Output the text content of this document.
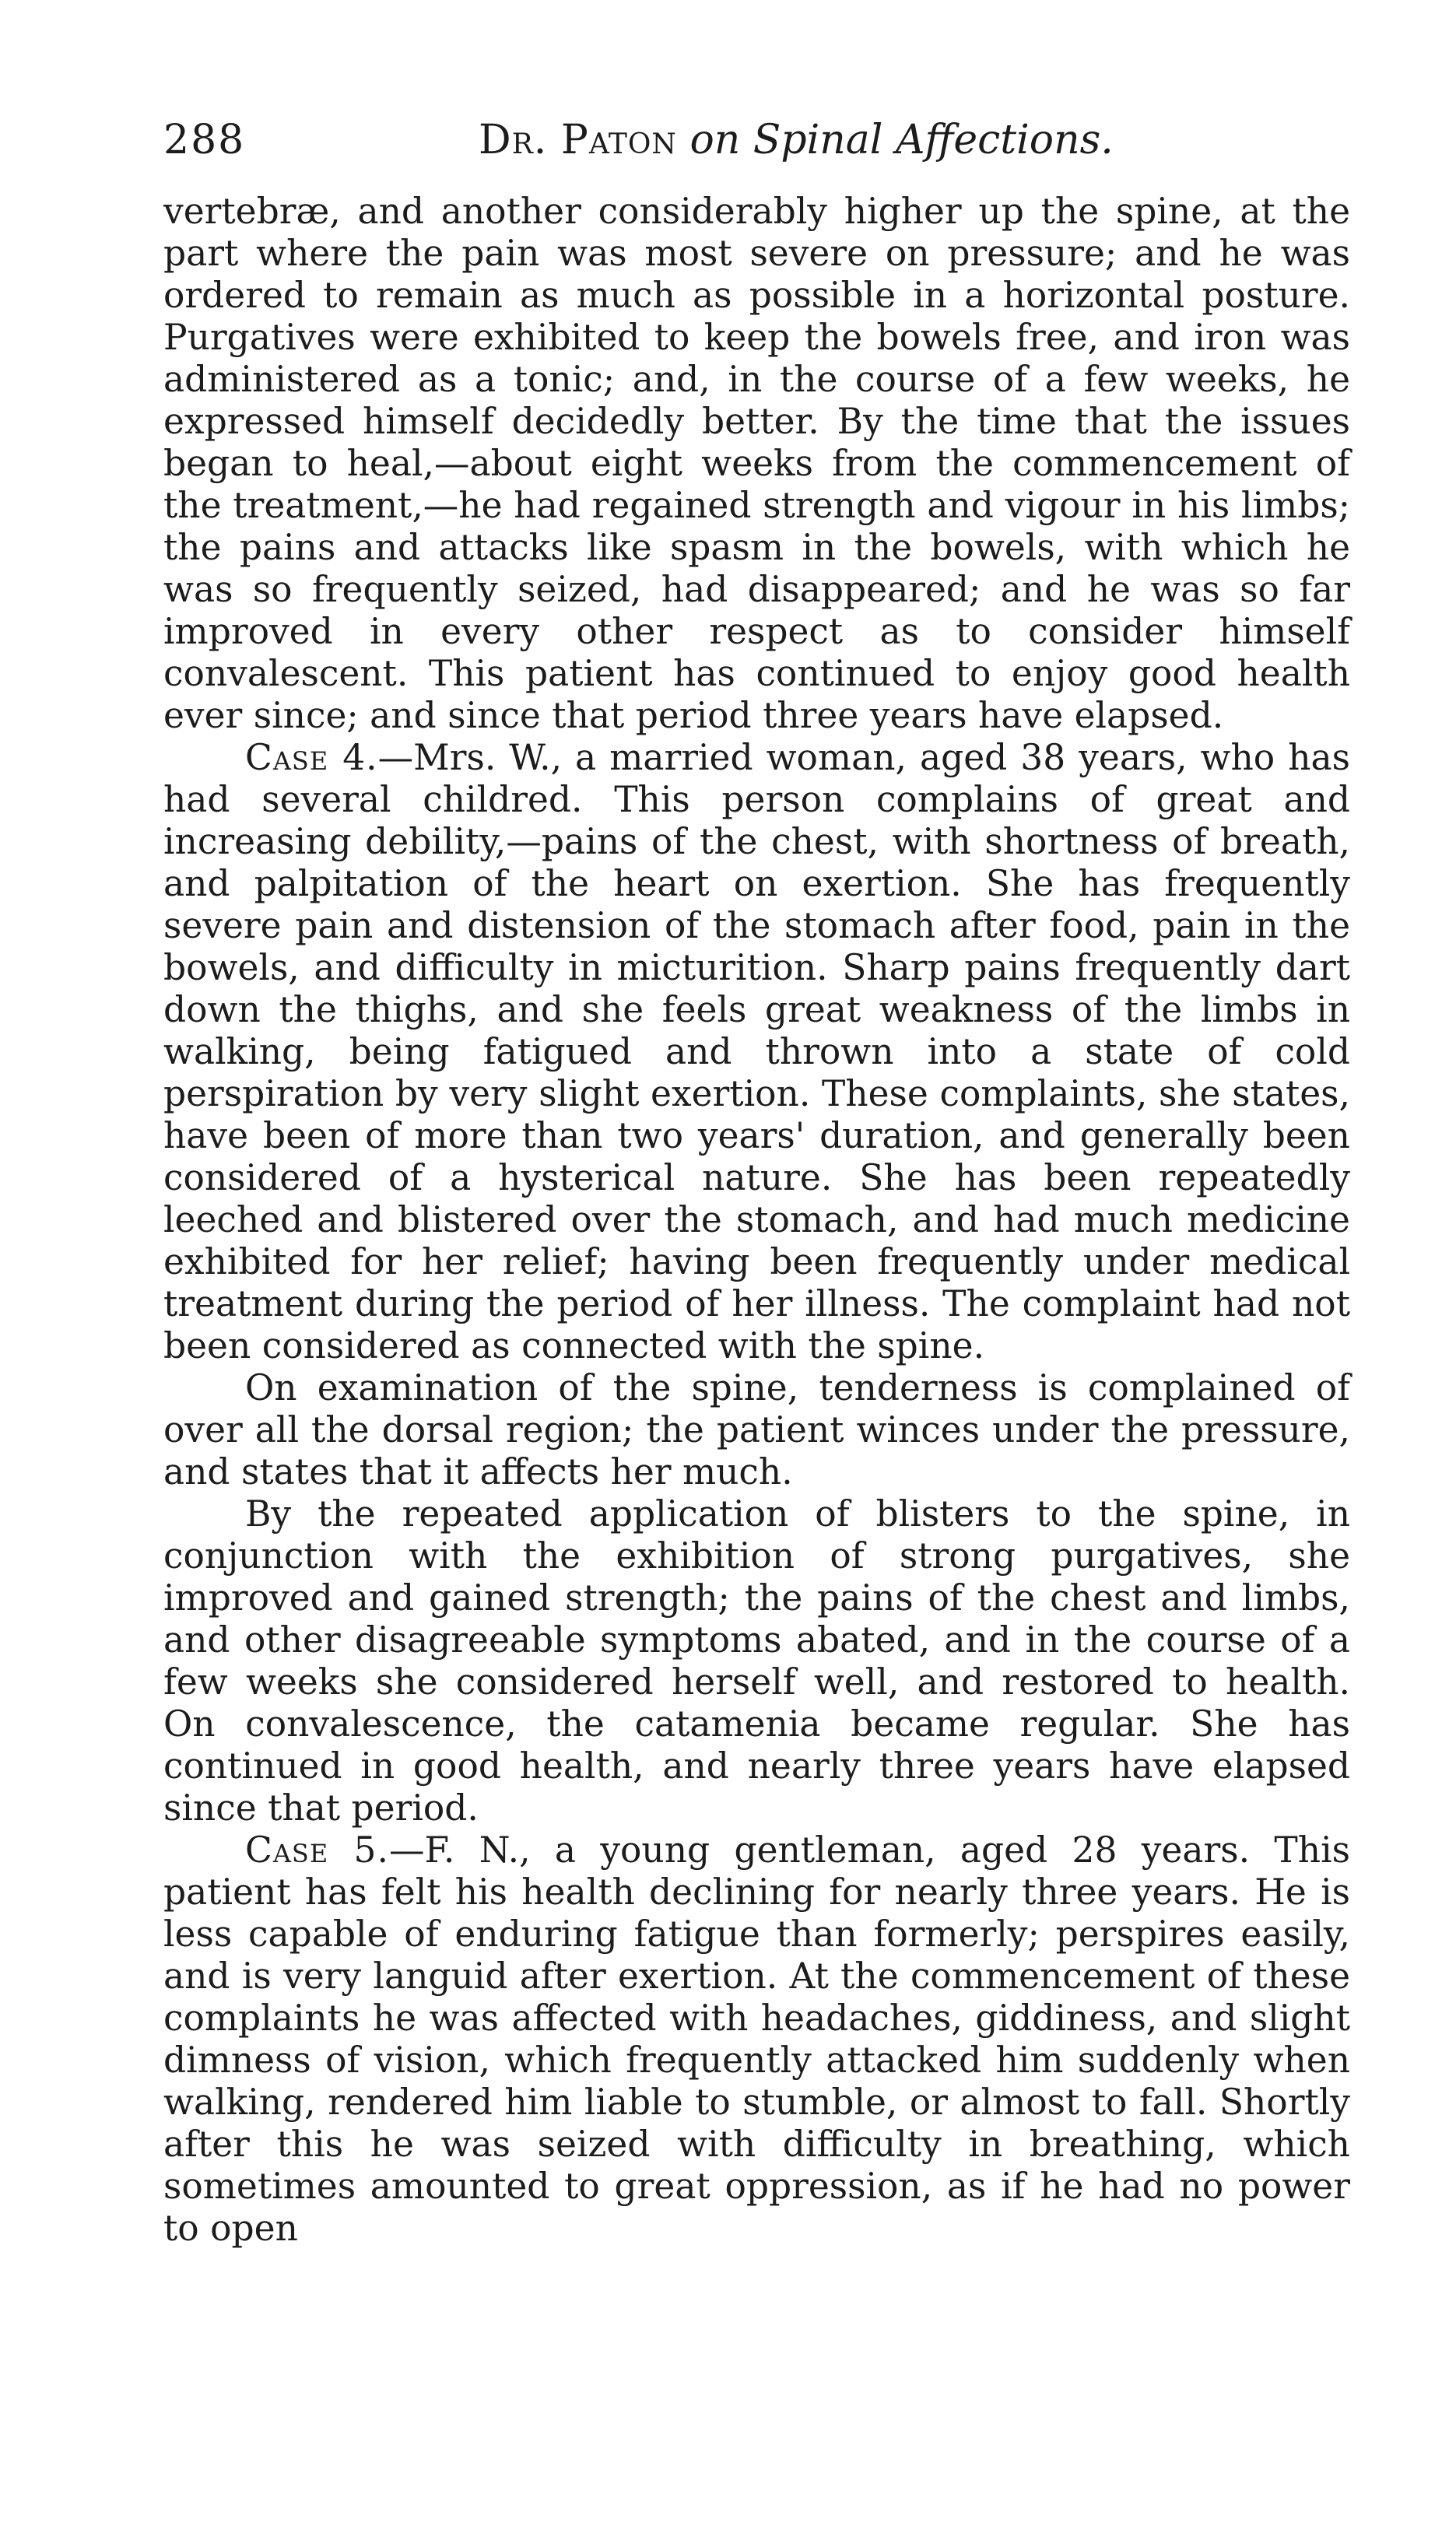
288	Dr. Paton on Spinal Affections.

vertebræ, and another considerably higher up the spine, at the part where the pain was most severe on pressure; and he was ordered to remain as much as possible in a horizontal posture. Purgatives were exhibited to keep the bowels free, and iron was administered as a tonic; and, in the course of a few weeks, he expressed himself decidedly better. By the time that the issues began to heal,—about eight weeks from the commencement of the treatment,—he had regained strength and vigour in his limbs; the pains and attacks like spasm in the bowels, with which he was so frequently seized, had disappeared; and he was so far improved in every other respect as to consider himself convalescent. This patient has continued to enjoy good health ever since; and since that period three years have elapsed.

Case 4.—Mrs. W., a married woman, aged 38 years, who has had several childred. This person complains of great and increasing debility,—pains of the chest, with shortness of breath, and palpitation of the heart on exertion. She has frequently severe pain and distension of the stomach after food, pain in the bowels, and difficulty in micturition. Sharp pains frequently dart down the thighs, and she feels great weakness of the limbs in walking, being fatigued and thrown into a state of cold perspiration by very slight exertion. These complaints, she states, have been of more than two years' duration, and generally been considered of a hysterical nature. She has been repeatedly leeched and blistered over the stomach, and had much medicine exhibited for her relief; having been frequently under medical treatment during the period of her illness. The complaint had not been considered as connected with the spine.

On examination of the spine, tenderness is complained of over all the dorsal region; the patient winces under the pressure, and states that it affects her much.

By the repeated application of blisters to the spine, in conjunction with the exhibition of strong purgatives, she improved and gained strength; the pains of the chest and limbs, and other disagreeable symptoms abated, and in the course of a few weeks she considered herself well, and restored to health. On convalescence, the catamenia became regular. She has continued in good health, and nearly three years have elapsed since that period.

Case 5.—F. N., a young gentleman, aged 28 years. This patient has felt his health declining for nearly three years. He is less capable of enduring fatigue than formerly; perspires easily, and is very languid after exertion. At the commencement of these complaints he was affected with headaches, giddiness, and slight dimness of vision, which frequently attacked him suddenly when walking, rendered him liable to stumble, or almost to fall. Shortly after this he was seized with difficulty in breathing, which sometimes amounted to great oppression, as if he had no power to open
